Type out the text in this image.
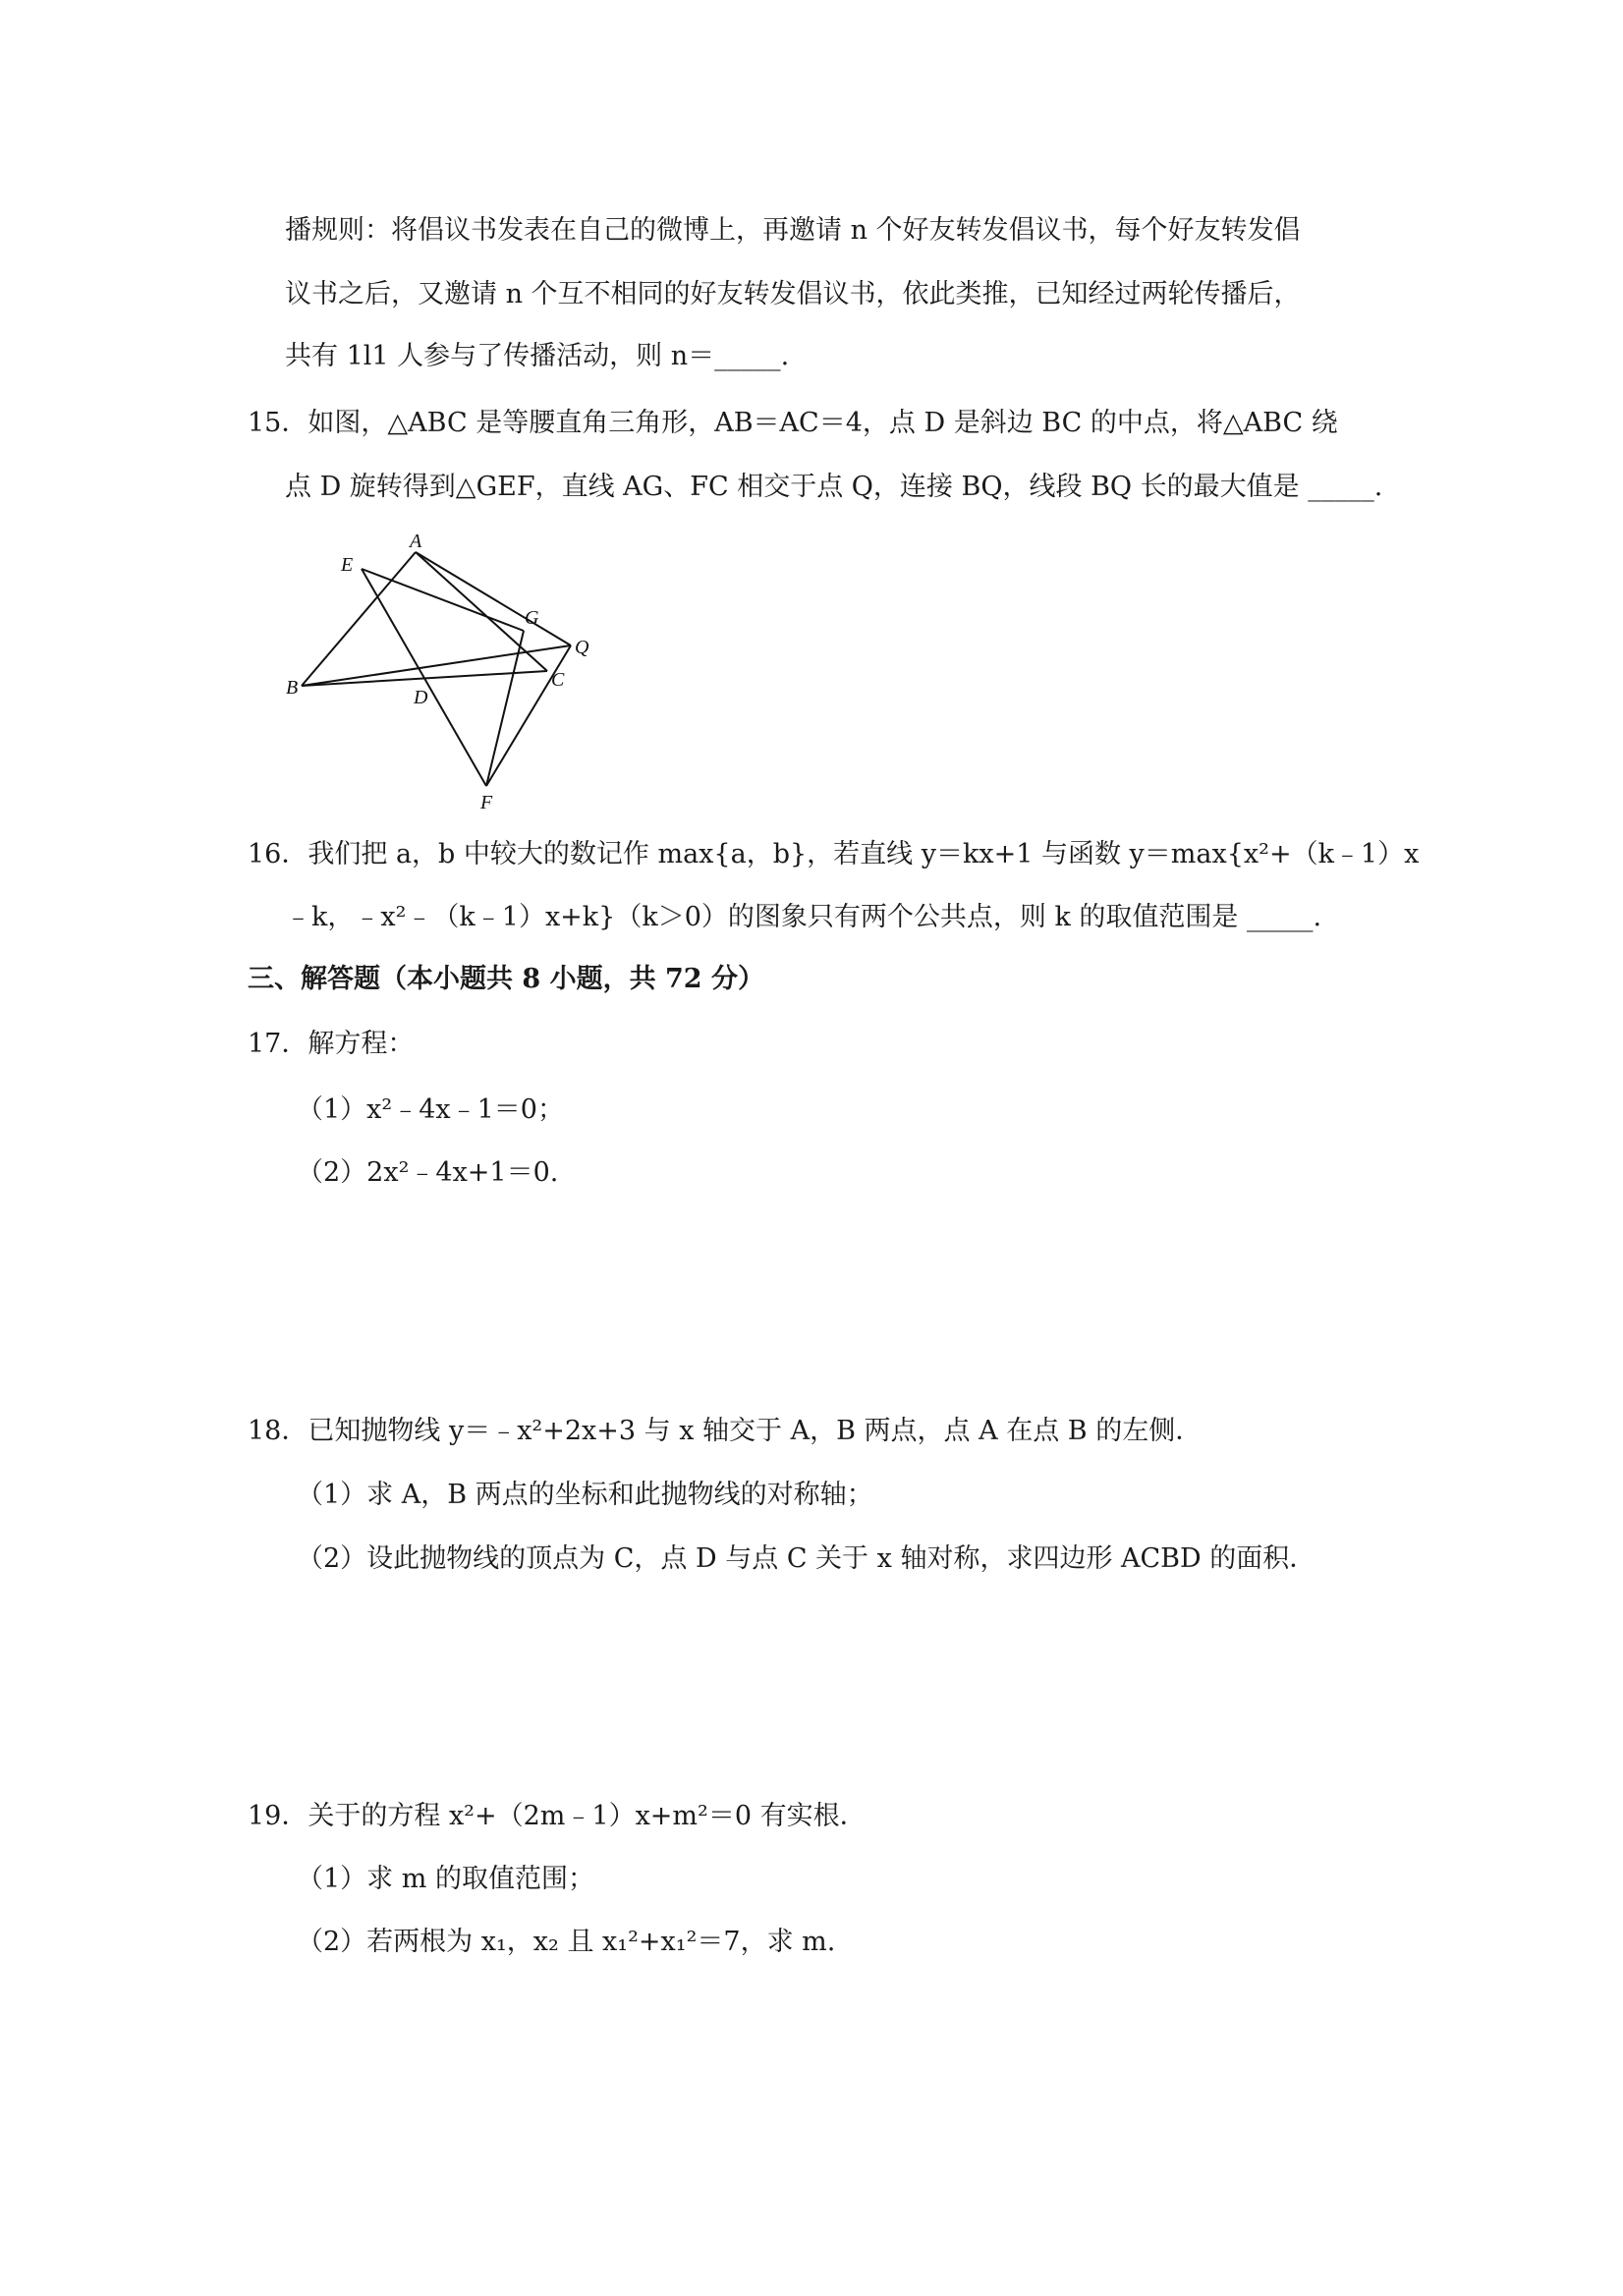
播规则：将倡议书发表在自己的微博上，再邀请 n 个好友转发倡议书，每个好友转发倡
议书之后，又邀请 n 个互不相同的好友转发倡议书，依此类推，已知经过两轮传播后，
共有 1l1 人参与了传播活动，则 n＝_____.
15．如图，△ABC 是等腰直角三角形，AB＝AC＝4，点 D 是斜边 BC 的中点，将△ABC 绕
点 D 旋转得到△GEF，直线 AG、FC 相交于点 Q，连接 BQ，线段 BQ 长的最大值是 _____.
A
E
G
Q
B	D
C
F
16．我们把 a，b 中较大的数记作 max{a，b}，若直线 y＝kx+1 与函数 y＝max{x²+（k﹣1）x
﹣k，﹣x²﹣（k﹣1）x+k}（k＞0）的图象只有两个公共点，则 k 的取值范围是 _____.
三、解答题（本小题共 8 小题，共 72 分）
17．解方程：
（1）x²﹣4x﹣1＝0；
（2）2x²﹣4x+1＝0.
18．已知抛物线 y＝﹣x²+2x+3 与 x 轴交于 A，B 两点，点 A 在点 B 的左侧．
（1）求 A，B 两点的坐标和此抛物线的对称轴；
（2）设此抛物线的顶点为 C，点 D 与点 C 关于 x 轴对称，求四边形 ACBD 的面积．
19．关于的方程 x²+（2m﹣1）x+m²＝0 有实根．
（1）求 m 的取值范围；
（2）若两根为 x₁，x₂ 且 x₁²+x₁²＝7，求 m.
